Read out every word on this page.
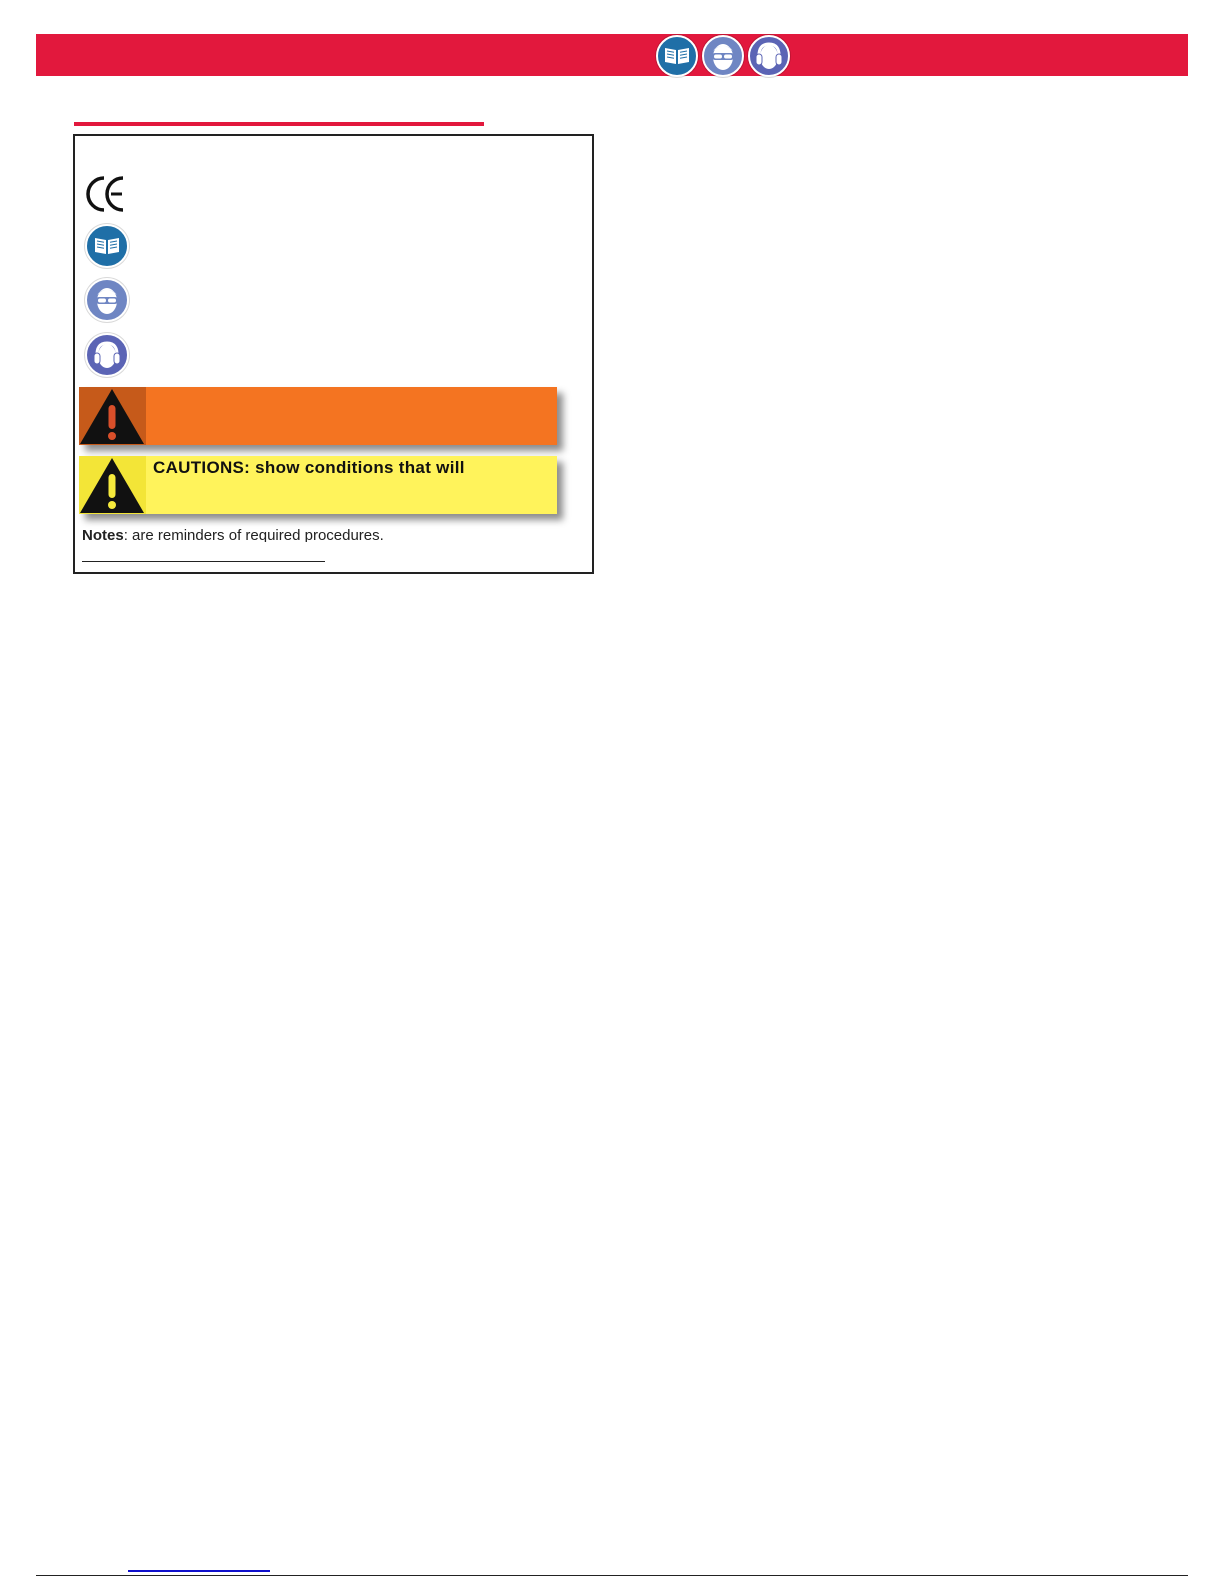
CAUTIONS: show conditions that will
Notes: are reminders of required procedures.
